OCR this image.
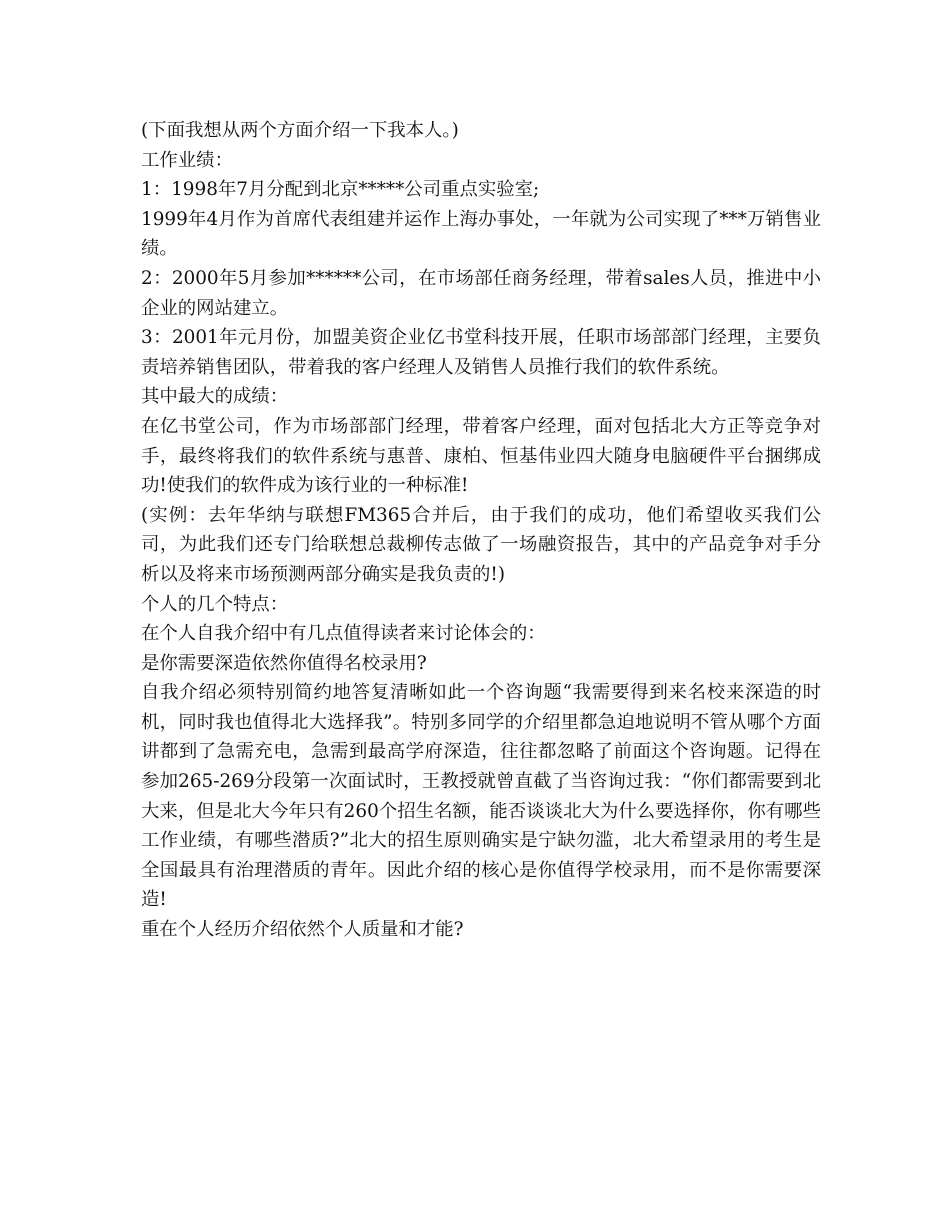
(下面我想从两个方面介绍一下我本人。)

工作业绩：

1：1998年7月分配到北京*****公司重点实验室;

1999年4月作为首席代表组建并运作上海办事处，一年就为公司实现了***万销售业绩。

2：2000年5月参加******公司，在市场部任商务经理，带着sales人员，推进中小企业的网站建立。

3：2001年元月份，加盟美资企业亿书堂科技开展，任职市场部部门经理，主要负责培养销售团队，带着我的客户经理人及销售人员推行我们的软件系统。

其中最大的成绩：

在亿书堂公司，作为市场部部门经理，带着客户经理，面对包括北大方正等竞争对手，最终将我们的软件系统与惠普、康柏、恒基伟业四大随身电脑硬件平台捆绑成功!使我们的软件成为该行业的一种标准!

(实例：去年华纳与联想FM365合并后，由于我们的成功，他们希望收买我们公司，为此我们还专门给联想总裁柳传志做了一场融资报告，其中的产品竞争对手分析以及将来市场预测两部分确实是我负责的!)

个人的几个特点：

在个人自我介绍中有几点值得读者来讨论体会的：

是你需要深造依然你值得名校录用?

自我介绍必须特别简约地答复清晰如此一个咨询题“我需要得到来名校来深造的时机，同时我也值得北大选择我”。特别多同学的介绍里都急迫地说明不管从哪个方面讲都到了急需充电，急需到最高学府深造，往往都忽略了前面这个咨询题。记得在参加265-269分段第一次面试时，王教授就曾直截了当咨询过我：“你们都需要到北大来，但是北大今年只有260个招生名额，能否谈谈北大为什么要选择你，你有哪些工作业绩，有哪些潜质?”北大的招生原则确实是宁缺勿滥，北大希望录用的考生是全国最具有治理潜质的青年。因此介绍的核心是你值得学校录用，而不是你需要深造!

重在个人经历介绍依然个人质量和才能?
